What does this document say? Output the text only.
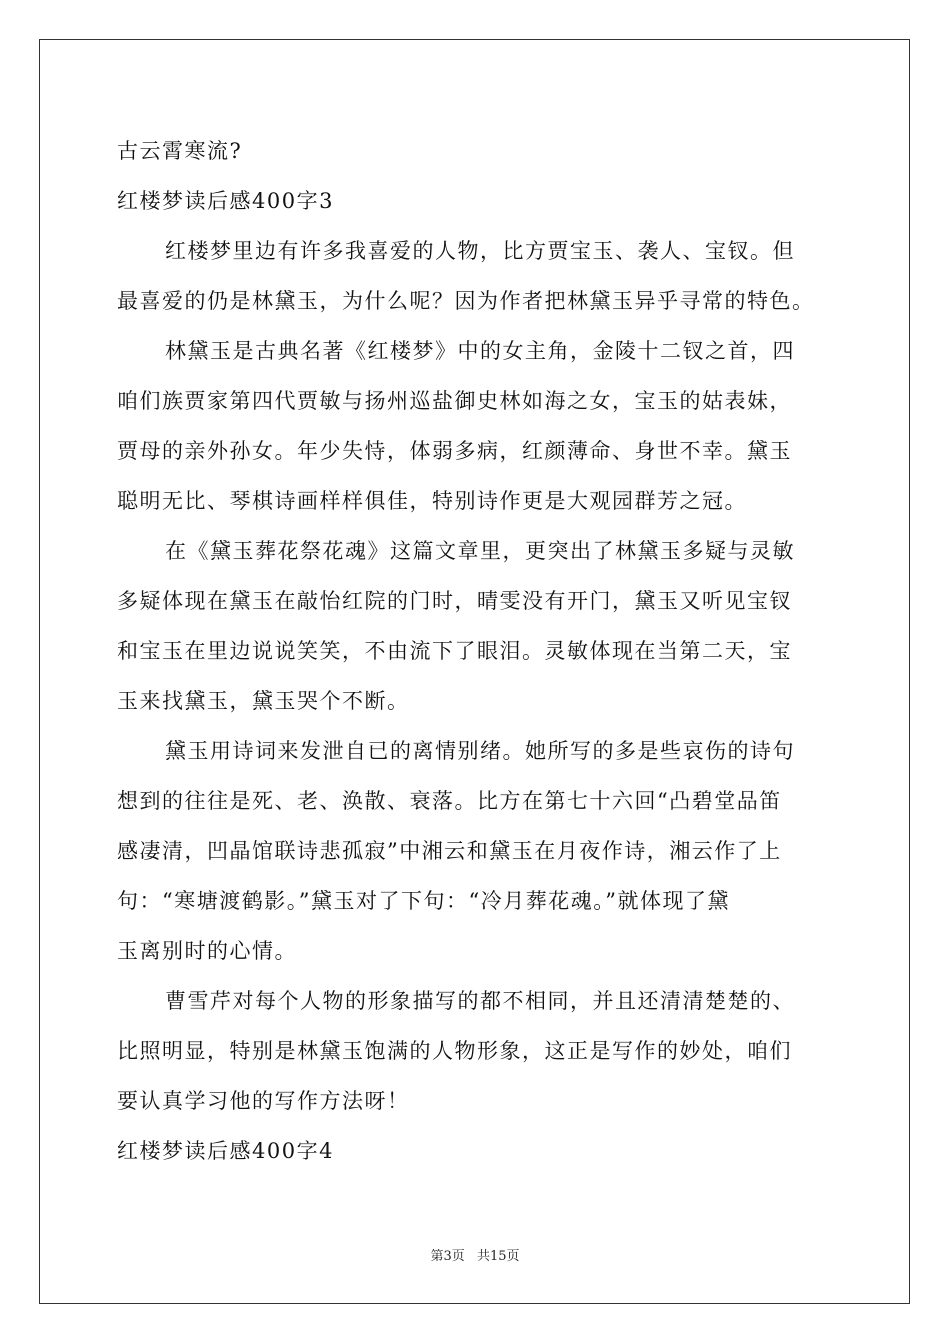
古云霄寒流?
红楼梦读后感400字3
红楼梦里边有许多我喜爱的人物，比方贾宝玉、袭人、宝钗。但
最喜爱的仍是林黛玉，为什么呢？因为作者把林黛玉异乎寻常的特色。
林黛玉是古典名著《红楼梦》中的女主角，金陵十二钗之首，四
咱们族贾家第四代贾敏与扬州巡盐御史林如海之女，宝玉的姑表妹，
贾母的亲外孙女。年少失恃，体弱多病，红颜薄命、身世不幸。黛玉
聪明无比、琴棋诗画样样俱佳，特别诗作更是大观园群芳之冠。
在《黛玉葬花祭花魂》这篇文章里，更突出了林黛玉多疑与灵敏
多疑体现在黛玉在敲怡红院的门时，晴雯没有开门，黛玉又听见宝钗
和宝玉在里边说说笑笑，不由流下了眼泪。灵敏体现在当第二天，宝
玉来找黛玉，黛玉哭个不断。
黛玉用诗词来发泄自已的离情别绪。她所写的多是些哀伤的诗句
想到的往往是死、老、涣散、衰落。比方在第七十六回“凸碧堂品笛
感凄清，凹晶馆联诗悲孤寂”中湘云和黛玉在月夜作诗，湘云作了上
句：“寒塘渡鹤影。”黛玉对了下句：“冷月葬花魂。”就体现了黛
玉离别时的心情。
曹雪芹对每个人物的形象描写的都不相同，并且还清清楚楚的、
比照明显，特别是林黛玉饱满的人物形象，这正是写作的妙处，咱们
要认真学习他的写作方法呀！
红楼梦读后感400字4
第3页 共15页
